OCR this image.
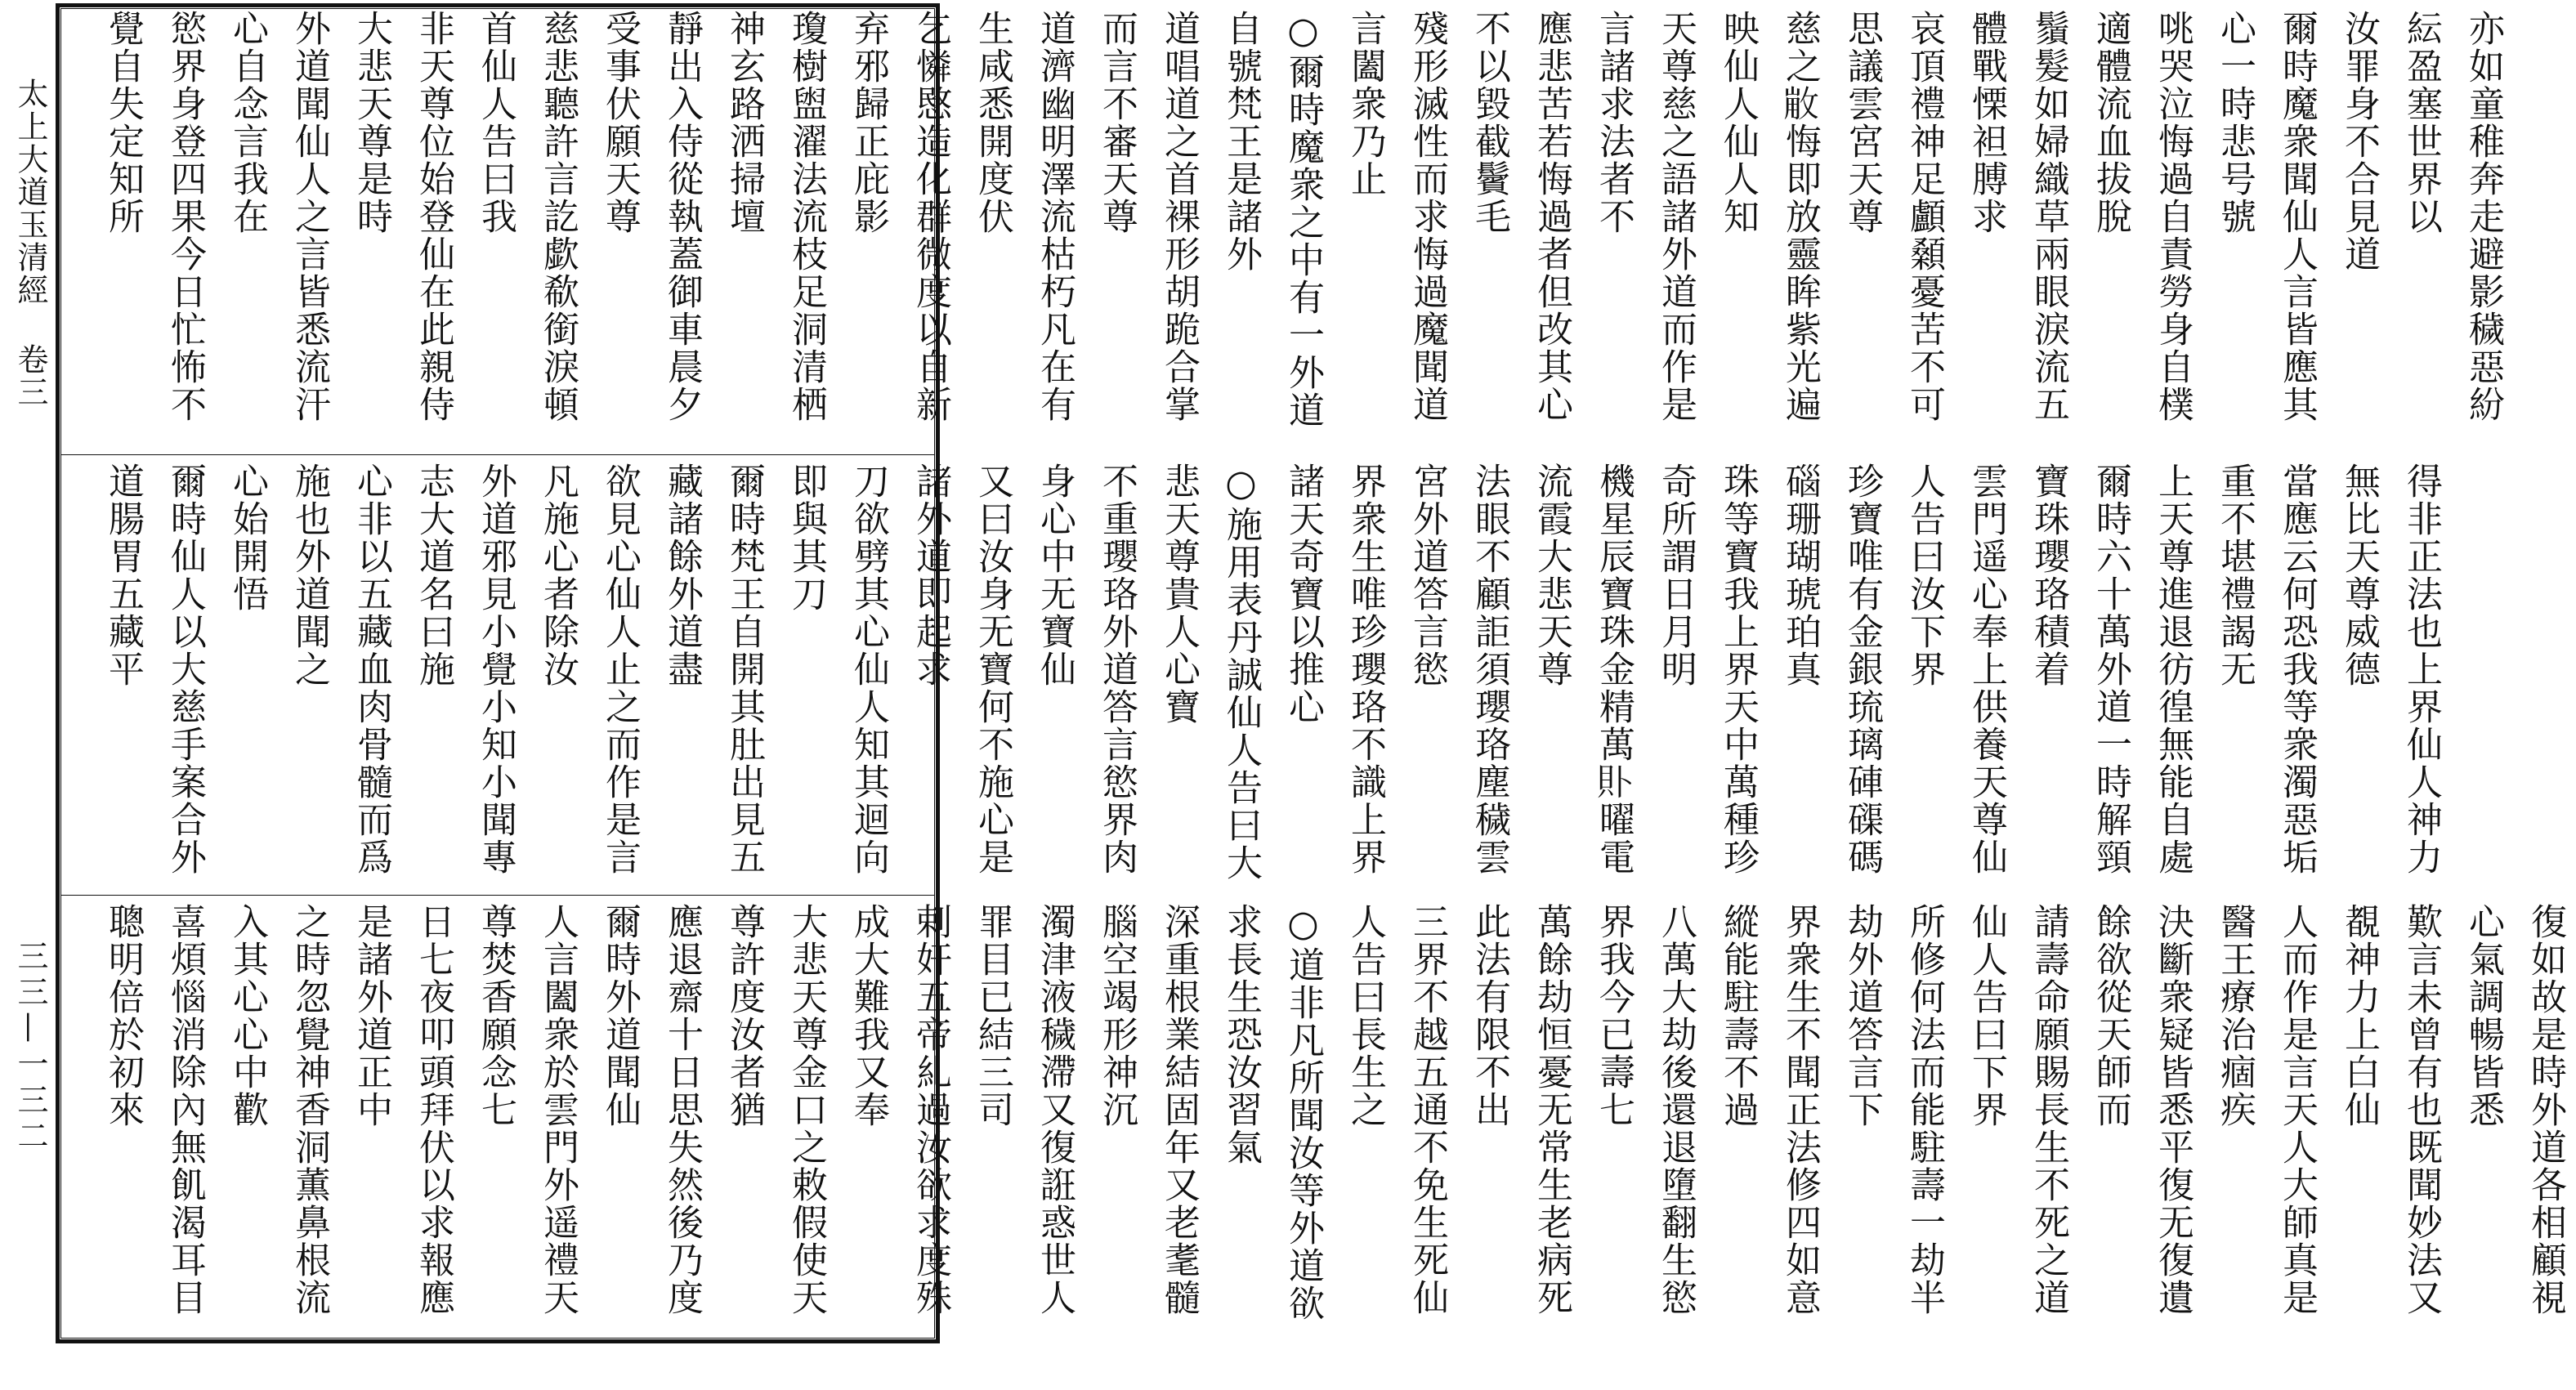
太上大道玉清經
卷三
三三—一三二

亦如童稚奔走避影穢惡紛紜盈塞世界以
汝罪身不合見道
爾時魔衆聞仙人言皆應其心一時悲号號
咷哭泣悔過自責勞身自樸適體流血拔脫
鬚髮如婦織草兩眼淚流五體戰慄袒膊求
哀頂禮神足顱顙憂苦不可思議雲宮天尊
慈之𢽸悔即放靈眸紫光遍映仙人仙人知
天尊慈之語諸外道而作是言諸求法者不
應悲苦若悔過者但改其心不以毀截鬢毛
殘形滅性而求悔過魔聞道言闔衆乃止
○爾時魔衆之中有一外道自號梵王是諸外
道唱道之首裸形胡跪合掌而言不審天尊
道濟幽明澤流枯朽凡在有生咸悉開度伏
乞憐愍造化群微度以自新弃邪歸正庇影
瓊樹盥濯法流枝足洞清栖神玄路洒掃壇
靜出入侍從執蓋御車晨夕受事伏願天尊
慈悲聽許言訖歔欷銜淚頓首仙人告曰我
非天尊位始登仙在此親侍大悲天尊是時
外道聞仙人之言皆悉流汗心自念言我在
慾界身登四果今日忙怖不覺自失定知所

得非正法也上界仙人神力無比天尊威德
當應云何恐我等衆濁惡垢重不堪禮謁无
上天尊進退彷徨無能自處
爾時六十萬外道一時解頸寶珠瓔珞積着
雲門遥心奉上供養天尊仙人告曰汝下界
珍寶唯有金銀琉璃硨磲碼碯珊瑚琥珀真
珠等寶我上界天中萬種珍奇所謂日月明
機星辰寶珠金精萬𧴤曜電流霞大悲天尊
法眼不顧詎須瓔珞塵穢雲宮外道答言慾
界衆生唯珍瓔珞不識上界諸天奇寶以推心
○施用表丹誠仙人告曰大悲天尊貴人心寶
不重瓔珞外道答言慾界肉身心中无寶仙
又曰汝身无寶何不施心是諸外道即起求
刀欲劈其心仙人知其迴向即與其刀
爾時梵王自開其肚出見五藏諸餘外道盡
欲見心仙人止之而作是言凡施心者除汝
外道邪見小覺小知小聞專志大道名曰施
心非以五藏血肉骨髓而爲施也外道聞之
心始開悟
爾時仙人以大慈手案合外道腸胃五藏平

復如故是時外道各相顧視心氣調暢皆悉
歎言未曾有也既聞妙法又覩神力上白仙
人而作是言天人大師真是醫王療治痼疾
決斷衆疑皆悉平復无復遺餘欲從天師而
請壽命願賜長生不死之道仙人告曰下界
所修何法而能駐壽一劫半劫外道答言下
界衆生不聞正法修四如意縱能駐壽不過
八萬大劫後還退墮翻生慾界我今已壽七
萬餘劫恒憂无常生老病死此法有限不出
三界不越五通不免生死仙人告曰長生之
○道非凡所聞汝等外道欲求長生恐汝習氣
深重根業結固年又老耄髓腦空竭形神沉
濁津液穢滯又復誑惑世人罪目已結三司
剌奸五帝糺過汝欲求度殊成大難我又奉
大悲天尊金口之敕假使天尊許度汝者猶
應退齋十日思失然後乃度爾時外道聞仙
人言闔衆於雲門外遥禮天尊焚香願念七
日七夜叩頭拜伏以求報應是諸外道正中
之時忽覺神香洞薫鼻根流入其心心中歡
喜煩惱消除內無飢渴耳目聰明倍於初來
